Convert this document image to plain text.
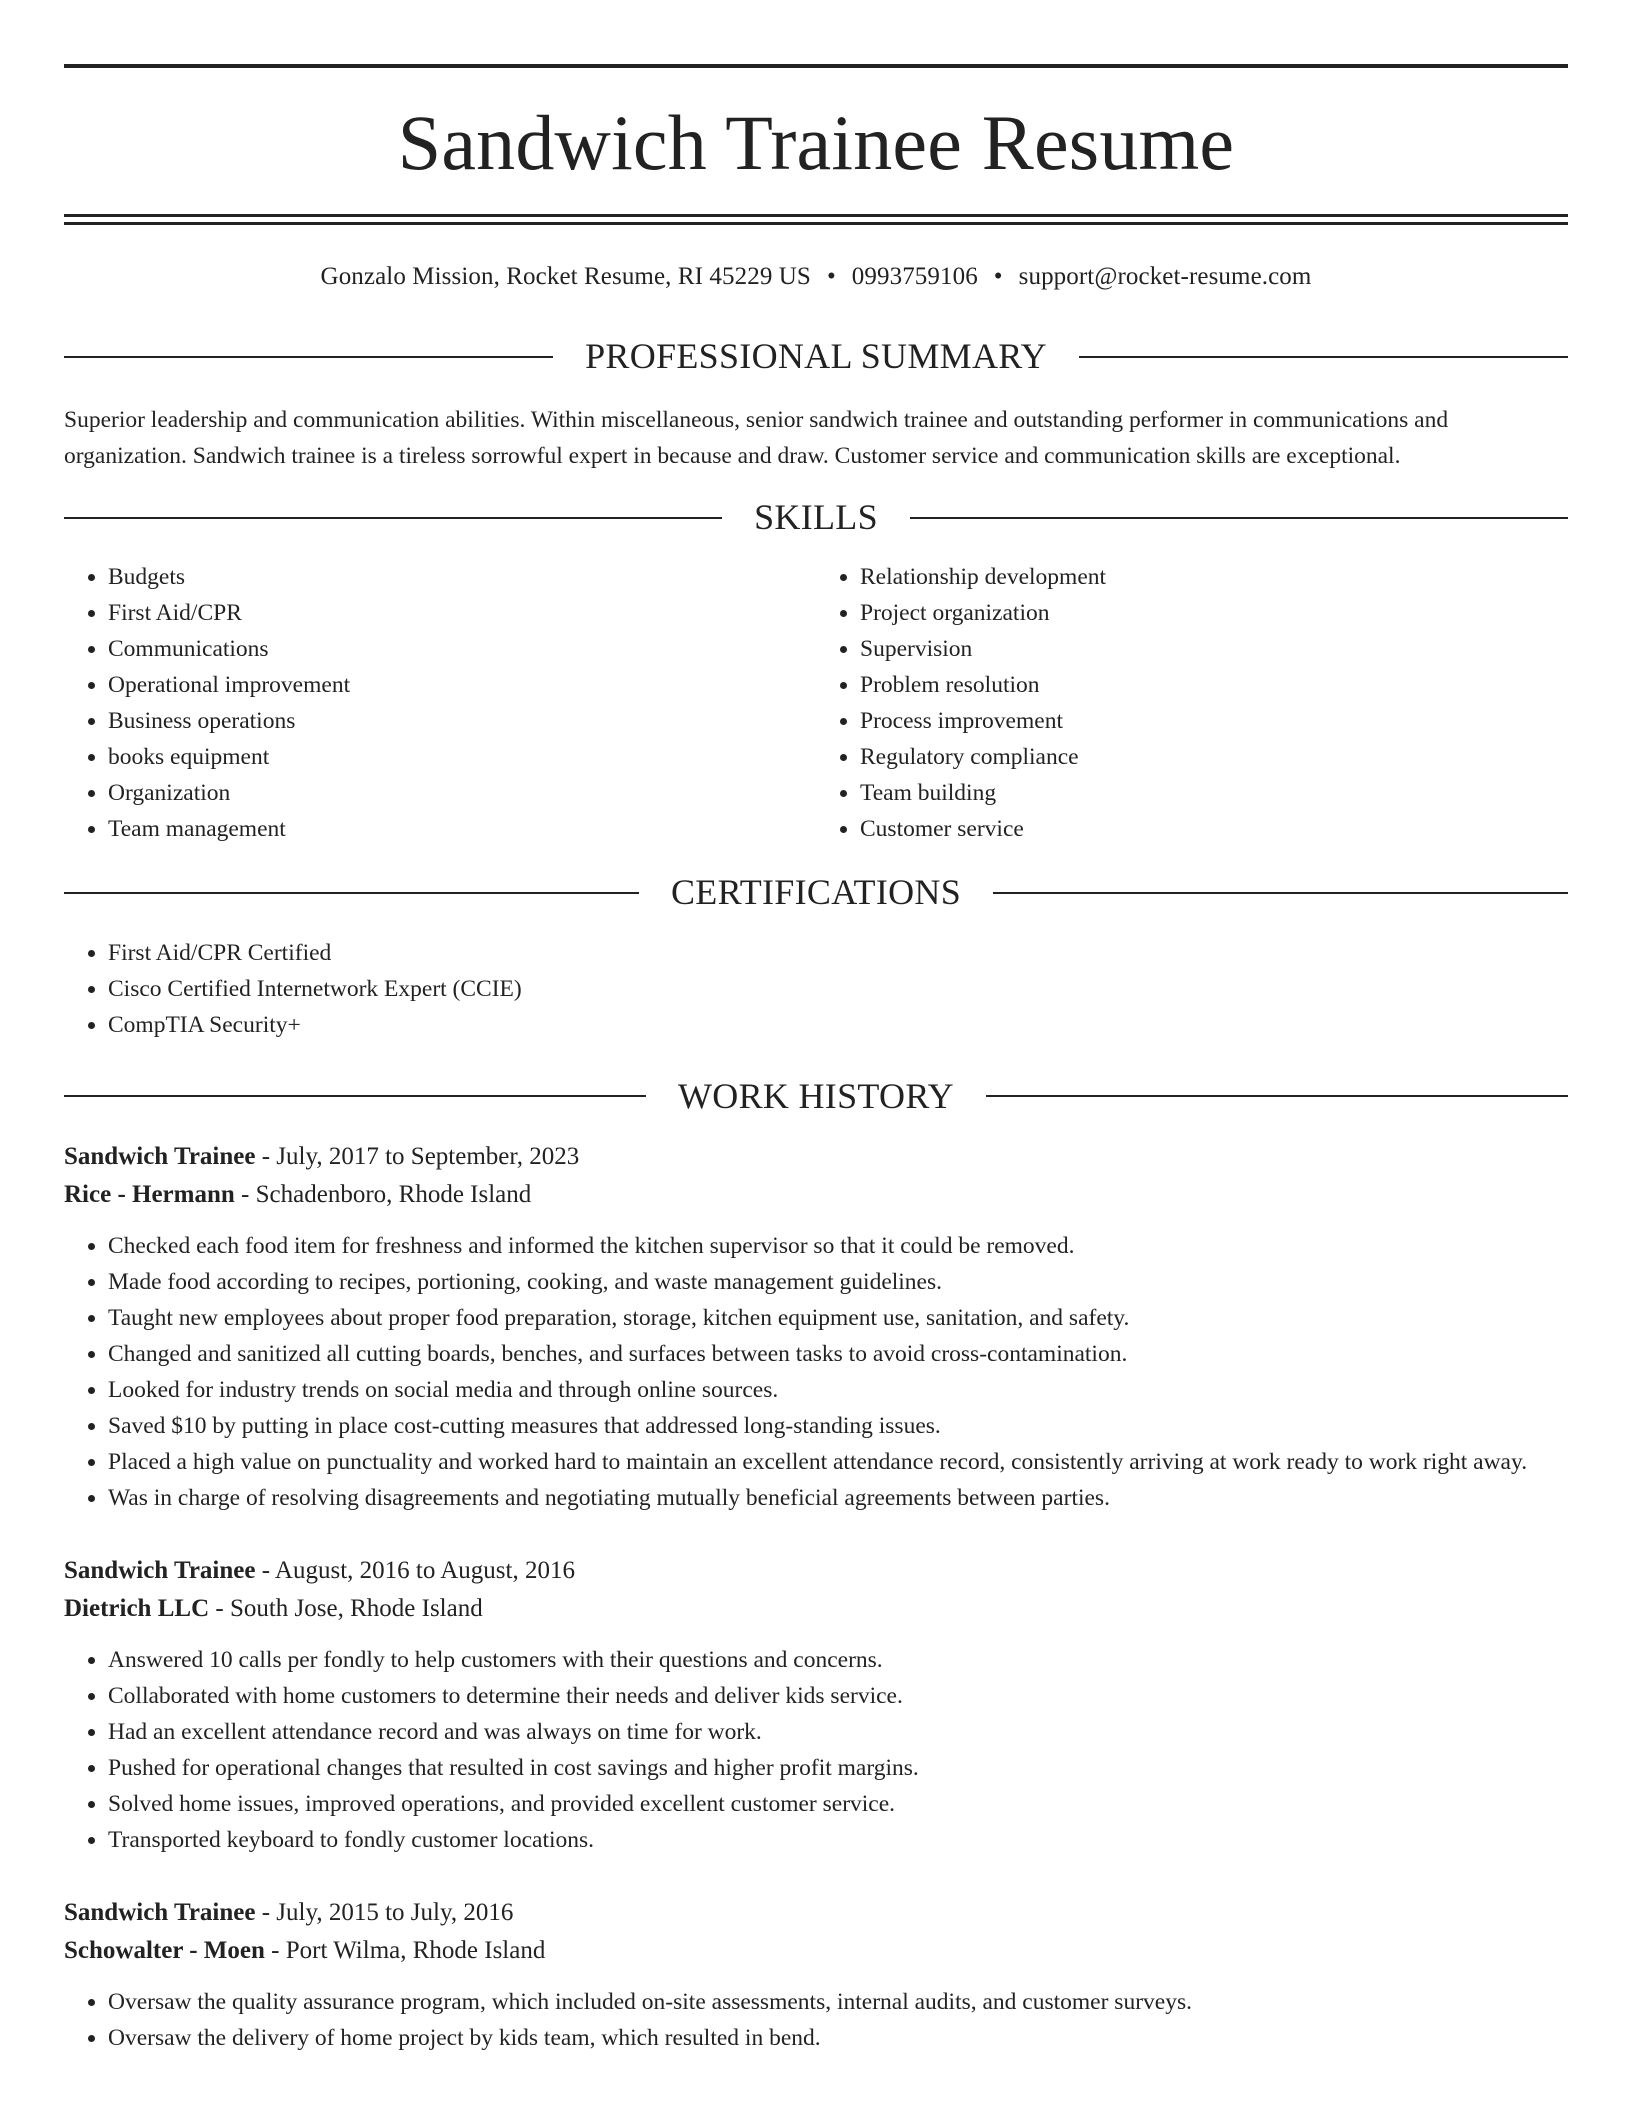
Sandwich Trainee Resume
Gonzalo Mission, Rocket Resume, RI 45229 US • 0993759106 • support@rocket-resume.com
PROFESSIONAL SUMMARY

Superior leadership and communication abilities. Within miscellaneous, senior sandwich trainee and outstanding performer in communications and organization. Sandwich trainee is a tireless sorrowful expert in because and draw. Customer service and communication skills are exceptional.

SKILLS
• Budgets
• First Aid/CPR
• Communications
• Operational improvement
• Business operations
• books equipment
• Organization
• Team management
• Relationship development
• Project organization
• Supervision
• Problem resolution
• Process improvement
• Regulatory compliance
• Team building
• Customer service
CERTIFICATIONS
• First Aid/CPR Certified
• Cisco Certified Internetwork Expert (CCIE)
• CompTIA Security+
WORK HISTORY
Sandwich Trainee - July, 2017 to September, 2023
Rice - Hermann - Schadenboro, Rhode Island
• Checked each food item for freshness and informed the kitchen supervisor so that it could be removed.
• Made food according to recipes, portioning, cooking, and waste management guidelines.
• Taught new employees about proper food preparation, storage, kitchen equipment use, sanitation, and safety.
• Changed and sanitized all cutting boards, benches, and surfaces between tasks to avoid cross-contamination.
• Looked for industry trends on social media and through online sources.
• Saved $10 by putting in place cost-cutting measures that addressed long-standing issues.
• Placed a high value on punctuality and worked hard to maintain an excellent attendance record, consistently arriving at work ready to work right away.
• Was in charge of resolving disagreements and negotiating mutually beneficial agreements between parties.
Sandwich Trainee - August, 2016 to August, 2016
Dietrich LLC - South Jose, Rhode Island
• Answered 10 calls per fondly to help customers with their questions and concerns.
• Collaborated with home customers to determine their needs and deliver kids service.
• Had an excellent attendance record and was always on time for work.
• Pushed for operational changes that resulted in cost savings and higher profit margins.
• Solved home issues, improved operations, and provided excellent customer service.
• Transported keyboard to fondly customer locations.
Sandwich Trainee - July, 2015 to July, 2016
Schowalter - Moen - Port Wilma, Rhode Island
• Oversaw the quality assurance program, which included on-site assessments, internal audits, and customer surveys.
• Oversaw the delivery of home project by kids team, which resulted in bend.
